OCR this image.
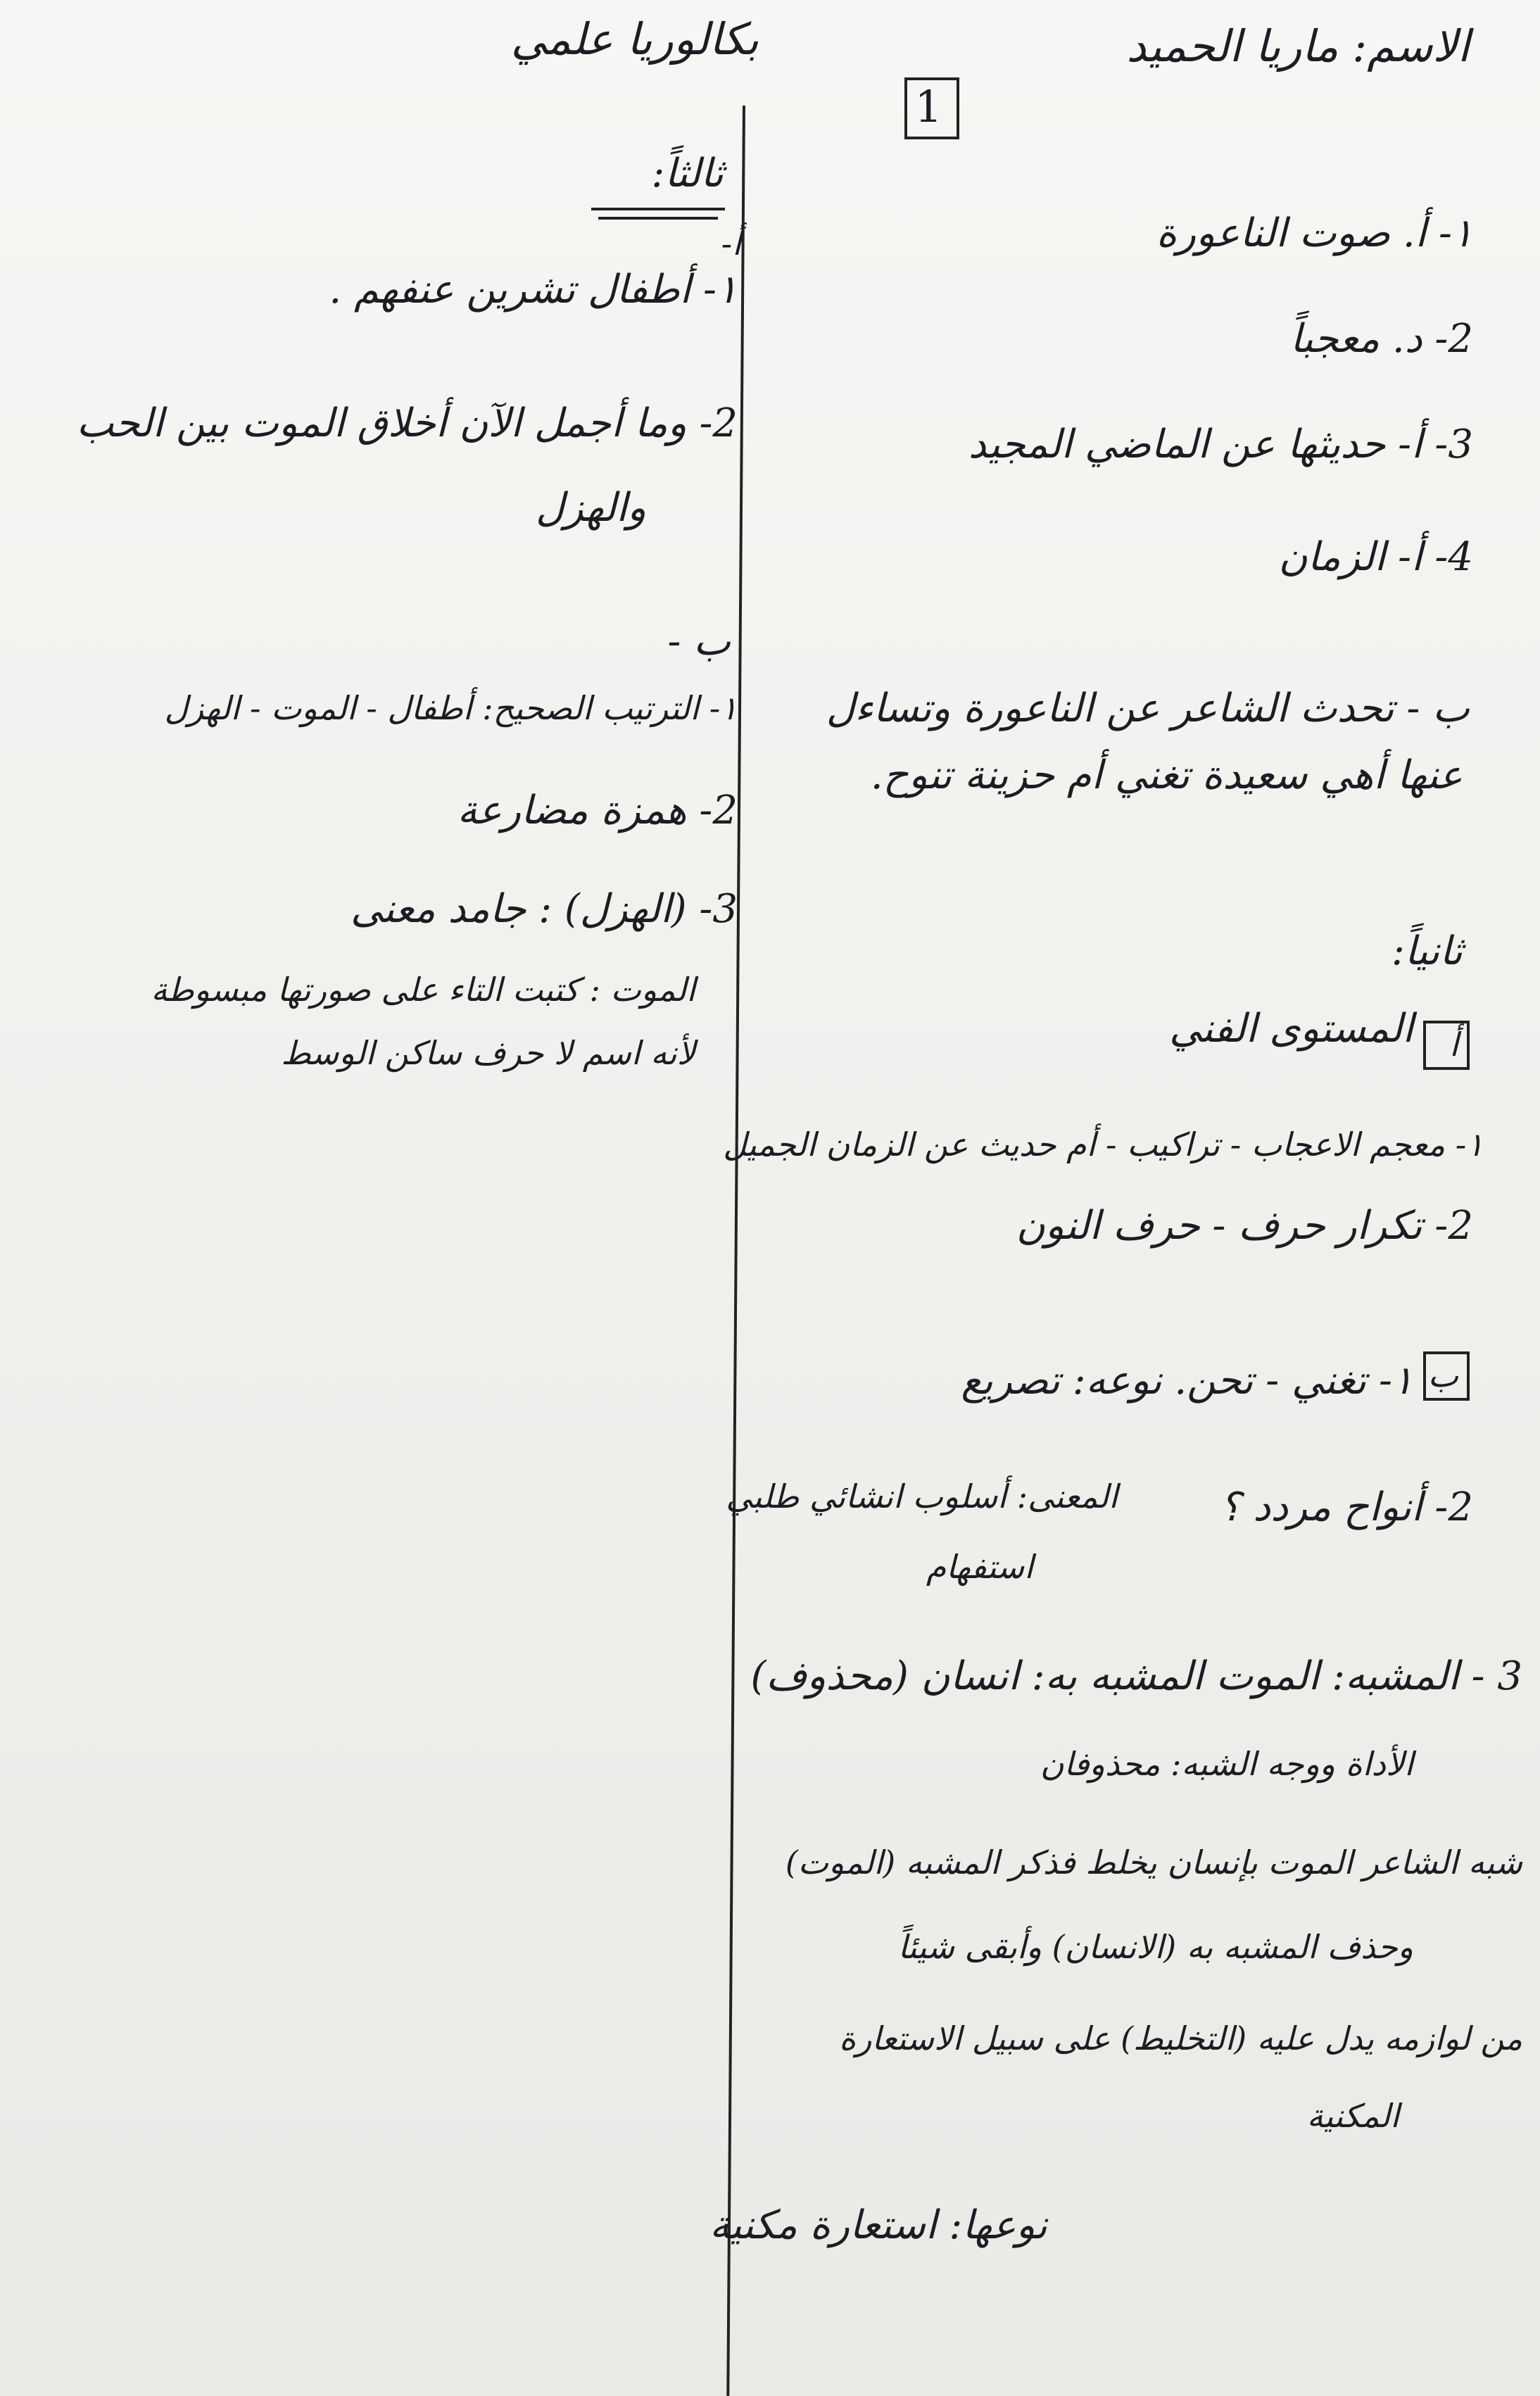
الاسم: ماريا الحميد
بكالوريا علمي
1
١- أ. صوت الناعورة
2- د. معجباً
3- أ- حديثها عن الماضي المجيد
4- أ- الزمان
ب - تحدث الشاعر عن الناعورة وتساءل
عنها أهي سعيدة تغني أم حزينة تنوح.
ثانياً:
أ
المستوى الفني
١- معجم الاعجاب - تراكيب - أم حديث عن الزمان الجميل
2- تكرار حرف - حرف النون
ب
١- تغني - تحن. نوعه: تصريع
2- أنواح مردد ؟
المعنى: أسلوب انشائي طلبي
استفهام
3 - المشبه: الموت المشبه به: انسان (محذوف)
الأداة ووجه الشبه: محذوفان
شبه الشاعر الموت بإنسان يخلط فذكر المشبه (الموت)
وحذف المشبه به (الانسان) وأبقى شيئاً
من لوازمه يدل عليه (التخليط) على سبيل الاستعارة
المكنية
نوعها: استعارة مكنية
ثالثاً:
أ-
١- أطفال تشرين عنفهم .
2- وما أجمل الآن أخلاق الموت بين الحب
والهزل
ب -
١- الترتيب الصحيح: أطفال - الموت - الهزل
2- همزة مضارعة
3- (الهزل) : جامد معنى
الموت : كتبت التاء على صورتها مبسوطة
لأنه اسم لا حرف ساكن الوسط
